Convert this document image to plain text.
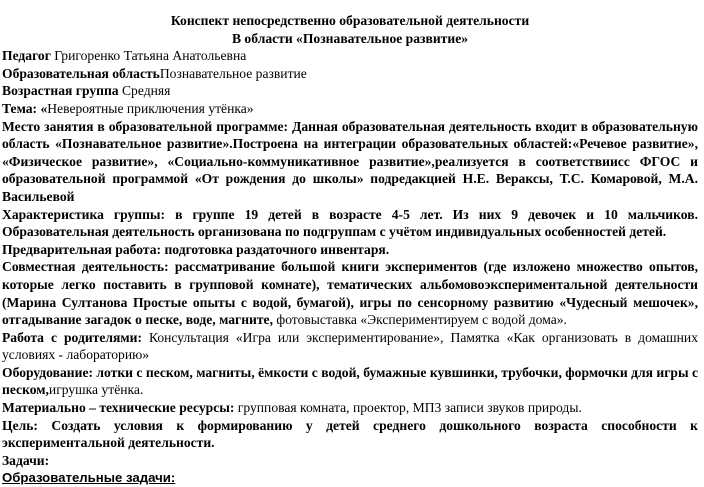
Конспект непосредственно образовательной деятельности

В области «Познавательное развитие»

Педагог Григоренко Татьяна Анатольевна

Образовательная областьПознавательное развитие

Возрастная группа Средняя

Тема: «Невероятные приключения утёнка»

Место занятия в образовательной программе: Данная образовательная деятельность входит в образовательную область «Познавательное развитие».Построена на интеграции образовательных областей:«Речевое развитие», «Физическое развитие», «Социально-коммуникативное развитие»,реализуется в соответствиисс ФГОС и образовательной программой «От рождения до школы» подредакцией Н.Е. Вераксы, Т.С. Комаровой, М.А. Васильевой

Характеристика группы: в группе 19 детей в возрасте 4-5 лет. Из них 9 девочек и 10 мальчиков. Образовательная деятельность организована по подгруппам с учётом индивидуальных особенностей детей.

Предварительная работа: подготовка раздаточного инвентаря.

Совместная деятельность: рассматривание большой книги экспериментов (где изложено множество опытов, которые легко поставить в групповой комнате), тематических альбомовоэкспериментальной деятельности (Марина Султанова Простые опыты с водой, бумагой), игры по сенсорному развитию «Чудесный мешочек», отгадывание загадок о песке, воде, магните, фотовыставка «Экспериментируем с водой дома».

Работа с родителями: Консультация «Игра или экспериментирование», Памятка «Как организовать в домашних условиях - лабораторию»

Оборудование: лотки с песком, магниты, ёмкости с водой, бумажные кувшинки, трубочки, формочки для игры с песком,игрушка утёнка.

Материально – технические ресурсы: групповая комната, проектор, МП3 записи звуков природы.

Цель: Создать условия к формированию у детей среднего дошкольного возраста способности к экспериментальной деятельности.

Задачи:

Образовательные задачи:
